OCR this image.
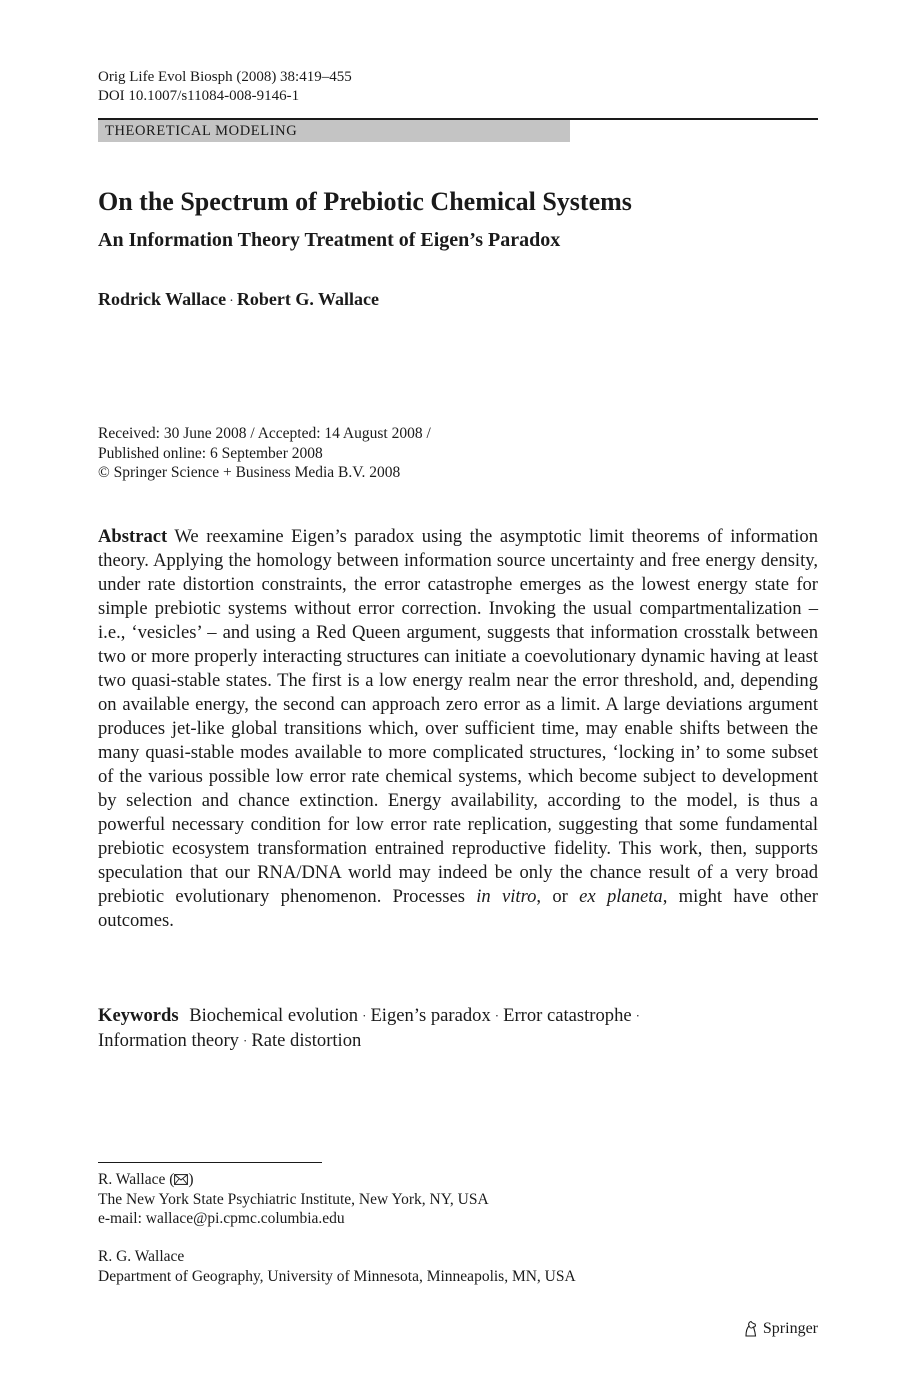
Orig Life Evol Biosph (2008) 38:419–455
DOI 10.1007/s11084-008-9146-1
THEORETICAL MODELING
On the Spectrum of Prebiotic Chemical Systems
An Information Theory Treatment of Eigen’s Paradox
Rodrick Wallace · Robert G. Wallace
Received: 30 June 2008 / Accepted: 14 August 2008 /
Published online: 6 September 2008
© Springer Science + Business Media B.V. 2008
Abstract We reexamine Eigen’s paradox using the asymptotic limit theorems of information theory. Applying the homology between information source uncertainty and free energy density, under rate distortion constraints, the error catastrophe emerges as the lowest energy state for simple prebiotic systems without error correction. Invoking the usual compartmentalization – i.e., ‘vesicles’ – and using a Red Queen argument, suggests that information crosstalk between two or more properly interacting structures can initiate a coevolutionary dynamic having at least two quasi-stable states. The first is a low energy realm near the error threshold, and, depending on available energy, the second can approach zero error as a limit. A large deviations argument produces jet-like global transitions which, over sufficient time, may enable shifts between the many quasi-stable modes available to more complicated structures, ‘locking in’ to some subset of the various possible low error rate chemical systems, which become subject to development by selection and chance extinction. Energy availability, according to the model, is thus a powerful necessary condition for low error rate replication, suggesting that some fundamental prebiotic ecosystem transformation entrained reproductive fidelity. This work, then, supports speculation that our RNA/DNA world may indeed be only the chance result of a very broad prebiotic evolutionary phenomenon. Processes in vitro, or ex planeta, might have other outcomes.
Keywords Biochemical evolution · Eigen’s paradox · Error catastrophe ·
Information theory · Rate distortion
R. Wallace ( )
The New York State Psychiatric Institute, New York, NY, USA
e-mail: wallace@pi.cpmc.columbia.edu
R. G. Wallace
Department of Geography, University of Minnesota, Minneapolis, MN, USA
Springer
